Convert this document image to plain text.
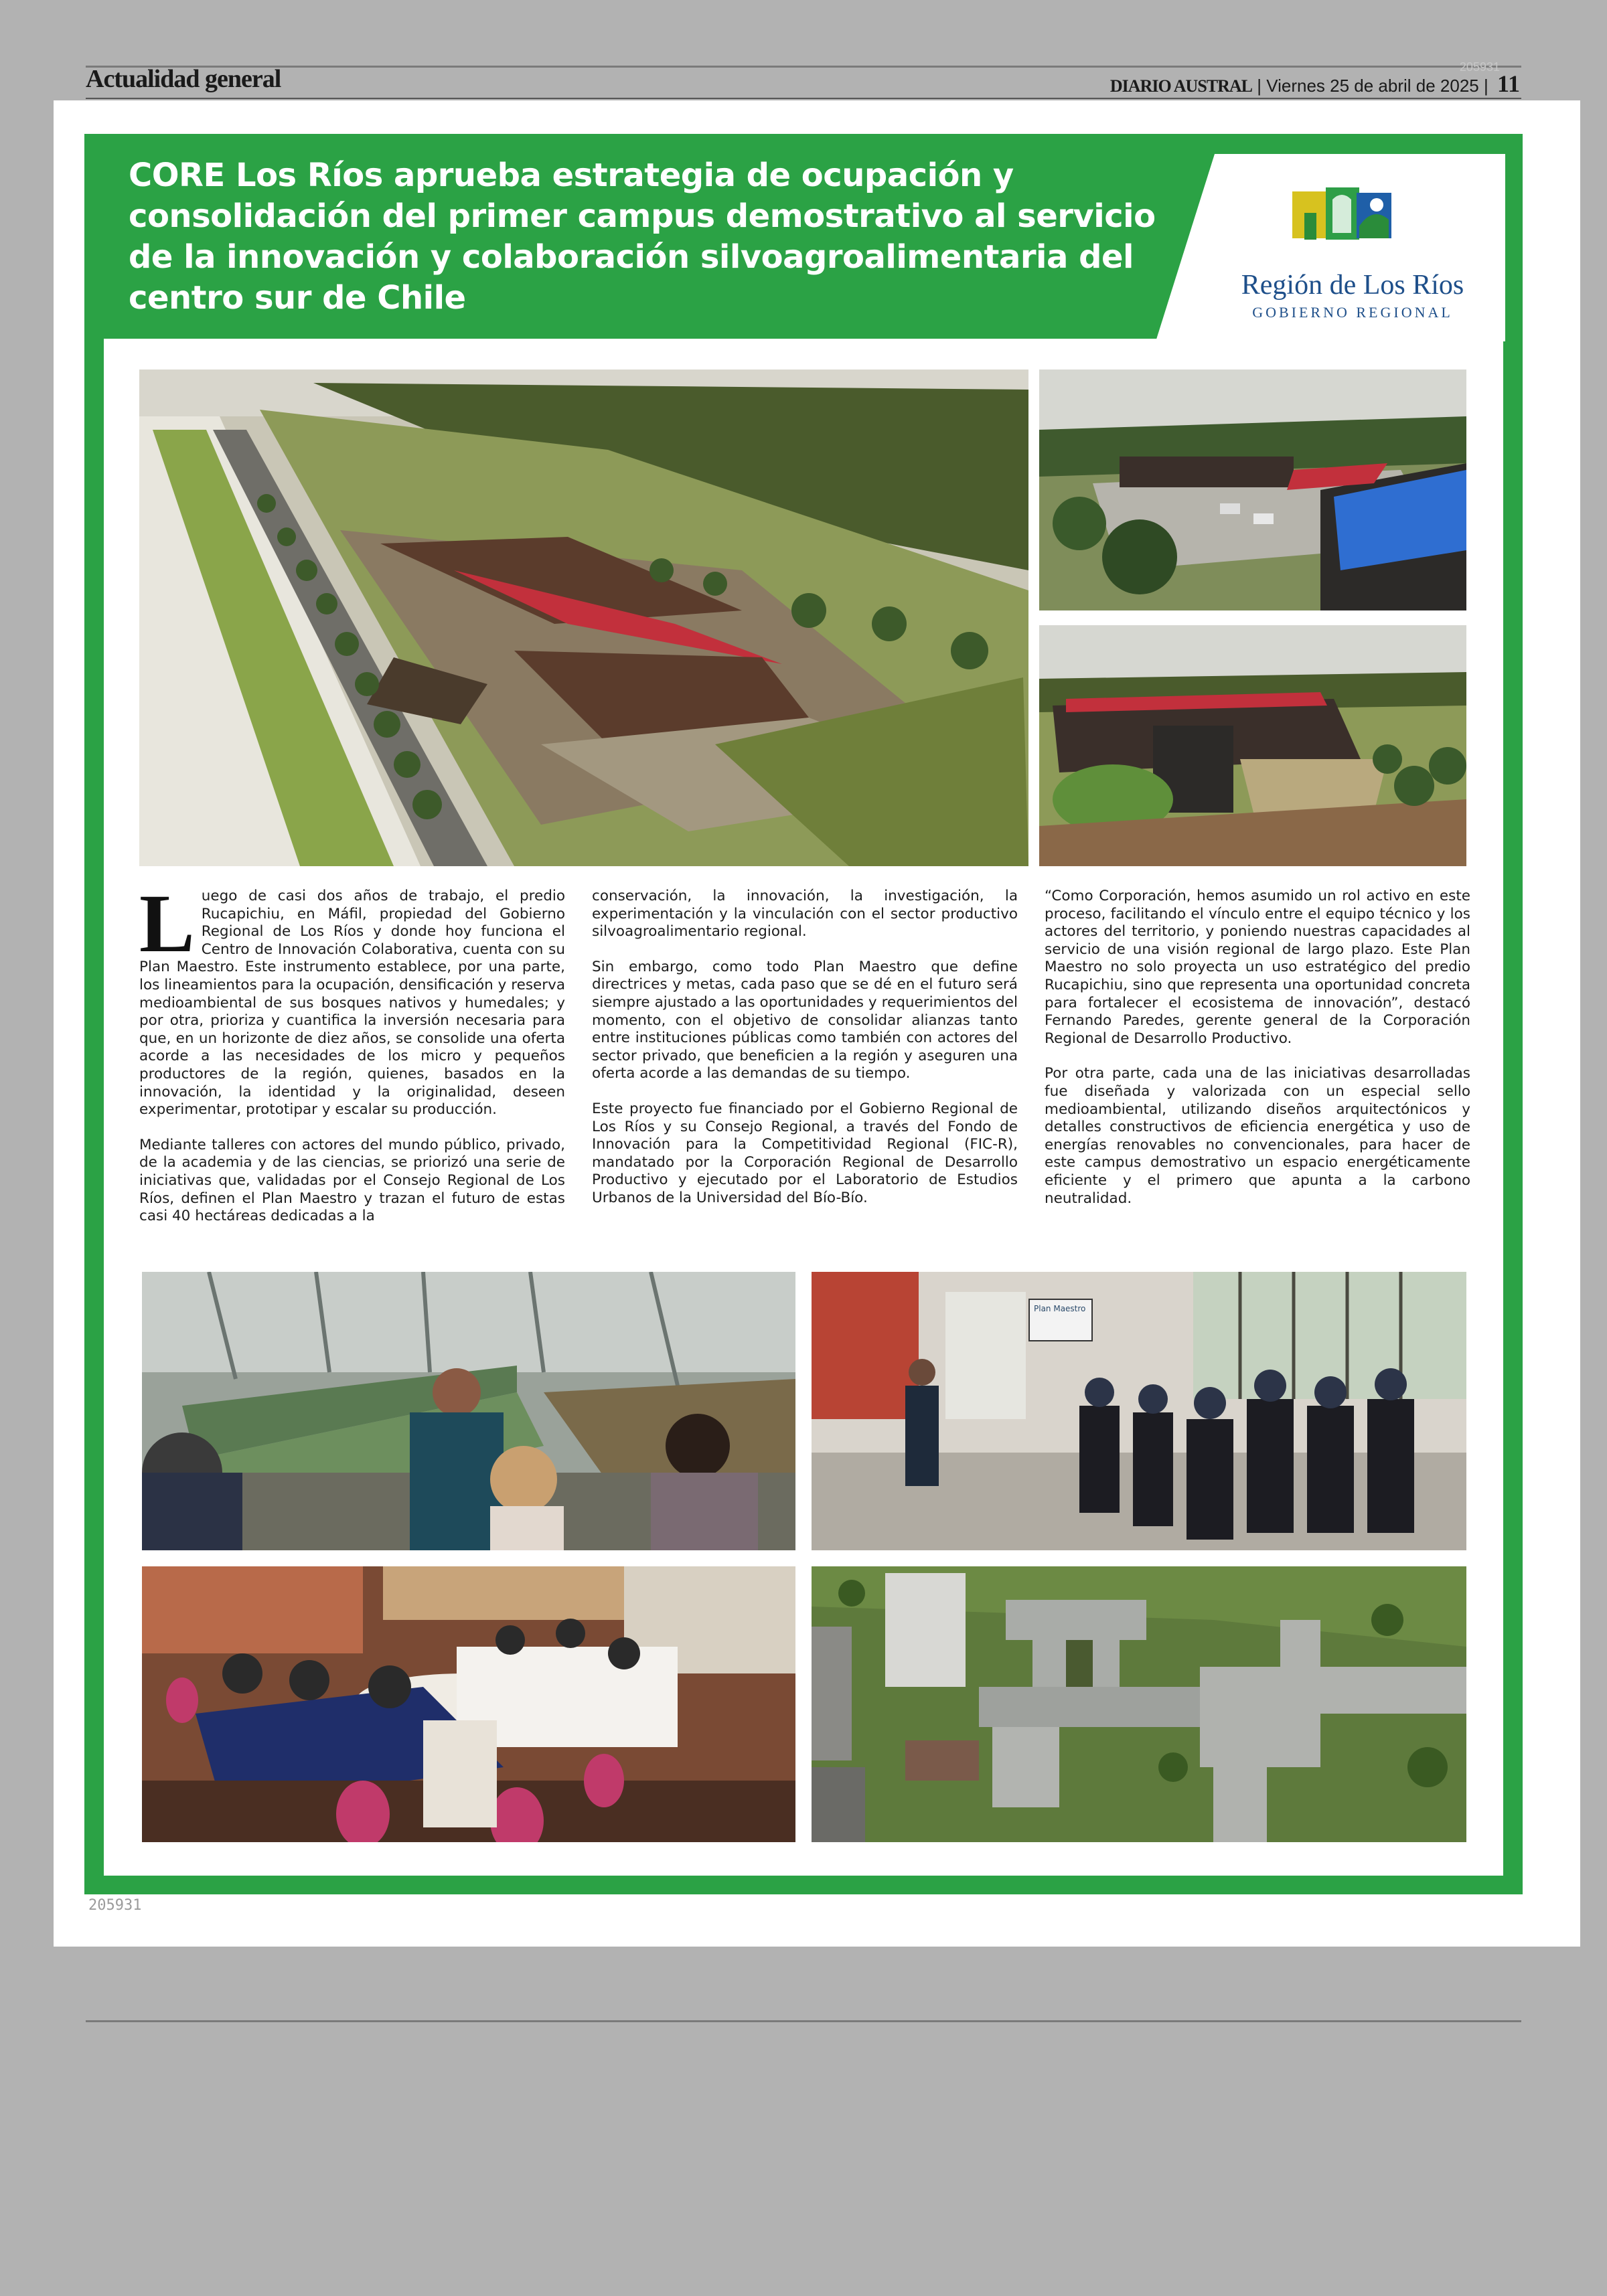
Actualidad general	205931
DIARIO AUSTRAL | Viernes 25 de abril de 2025 | 11
CORE Los Ríos aprueba estrategia de ocupación y consolidación del primer campus demostrativo al servicio de la innovación y colaboración silvoagroalimentaria del centro sur de Chile	Región de Los Ríos
GOBIERNO REGIONAL

Luego de casi dos años de trabajo, el predio Rucapichiu, en Máfil, propiedad del Gobierno Regional de Los Ríos y donde hoy funciona el Centro de Innovación Colaborativa, cuenta con su Plan Maestro. Este instrumento establece, por una parte, los lineamientos para la ocupación, densificación y reserva medioambiental de sus bosques nativos y humedales; y por otra, prioriza y cuantifica la inversión necesaria para que, en un horizonte de diez años, se consolide una oferta acorde a las necesidades de los micro y pequeños productores de la región, quienes, basados en la innovación, la identidad y la originalidad, deseen experimentar, prototipar y escalar su producción.

Mediante talleres con actores del mundo público, privado, de la academia y de las ciencias, se priorizó una serie de iniciativas que, validadas por el Consejo Regional de Los Ríos, definen el Plan Maestro y trazan el futuro de estas casi 40 hectáreas dedicadas a la

conservación, la innovación, la investigación, la experimentación y la vinculación con el sector productivo silvoagroalimentario regional.

Sin embargo, como todo Plan Maestro que define directrices y metas, cada paso que se dé en el futuro será siempre ajustado a las oportunidades y requerimientos del momento, con el objetivo de consolidar alianzas tanto entre instituciones públicas como también con actores del sector privado, que beneficien a la región y aseguren una oferta acorde a las demandas de su tiempo.

Este proyecto fue financiado por el Gobierno Regional de Los Ríos y su Consejo Regional, a través del Fondo de Innovación para la Competitividad Regional (FIC-R), mandatado por la Corporación Regional de Desarrollo Productivo y ejecutado por el Laboratorio de Estudios Urbanos de la Universidad del Bío-Bío.

“Como Corporación, hemos asumido un rol activo en este proceso, facilitando el vínculo entre el equipo técnico y los actores del territorio, y poniendo nuestras capacidades al servicio de una visión regional de largo plazo. Este Plan Maestro no solo proyecta un uso estratégico del predio Rucapichiu, sino que representa una oportunidad concreta para fortalecer el ecosistema de innovación”, destacó Fernando Paredes, gerente general de la Corporación Regional de Desarrollo Productivo.

Por otra parte, cada una de las iniciativas desarrolladas fue diseñada y valorizada con un especial sello medioambiental, utilizando diseños arquitectónicos y detalles constructivos de eficiencia energética y uso de energías renovables no convencionales, para hacer de este campus demostrativo un espacio energéticamente eficiente y el primero que apunta a la carbono neutralidad.

Plan Maestro
205931
